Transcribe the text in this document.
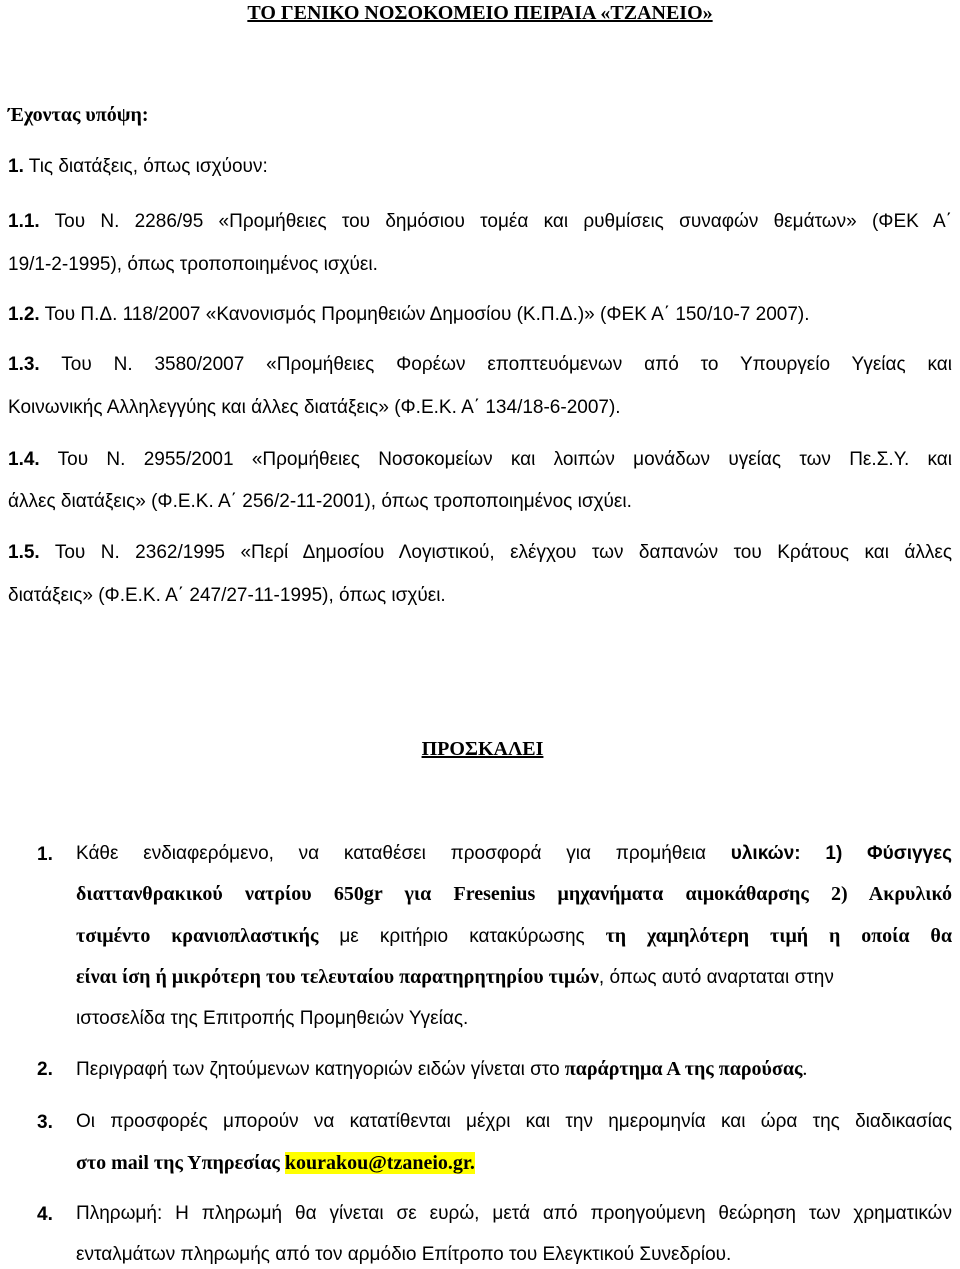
ΤΟ ΓΕΝΙΚΟ ΝΟΣΟΚΟΜΕΙΟ ΠΕΙΡΑΙΑ «ΤΖΑΝΕΙΟ»
Έχοντας υπόψη:
1. Τις διατάξεις, όπως ισχύουν:
1.1. Του Ν. 2286/95 «Προμήθειες του δημόσιου τομέα και ρυθμίσεις συναφών θεμάτων» (ΦΕΚ Α΄
19/1-2-1995), όπως τροποποιημένος ισχύει.
1.2. Του Π.Δ. 118/2007 «Κανονισμός Προμηθειών Δημοσίου (Κ.Π.Δ.)» (ΦΕΚ Α΄ 150/10-7 2007).
1.3. Του Ν. 3580/2007 «Προμήθειες Φορέων εποπτευόμενων από το Υπουργείο Υγείας και
Κοινωνικής Αλληλεγγύης και άλλες διατάξεις» (Φ.Ε.Κ. Α΄ 134/18-6-2007).
1.4. Του Ν. 2955/2001 «Προμήθειες Νοσοκομείων και λοιπών μονάδων υγείας των Πε.Σ.Υ. και
άλλες διατάξεις» (Φ.Ε.Κ. Α΄ 256/2-11-2001), όπως τροποποιημένος ισχύει.
1.5. Του Ν. 2362/1995 «Περί Δημοσίου Λογιστικού, ελέγχου των δαπανών του Κράτους και άλλες
διατάξεις» (Φ.Ε.Κ. Α΄ 247/27-11-1995), όπως ισχύει.
ΠΡΟΣΚΑΛΕΙ
1.	Κάθε ενδιαφερόμενο, να καταθέσει προσφορά για προμήθεια υλικών: 1) Φύσιγγες
διαττανθρακικού νατρίου 650gr για Fresenius μηχανήματα αιμοκάθαρσης 2) Ακρυλικό
τσιμέντο κρανιοπλαστικής με κριτήριο κατακύρωσης τη χαμηλότερη τιμή η οποία θα
είναι ίση ή μικρότερη του τελευταίου παρατηρητηρίου τιμών, όπως αυτό αναρταται στην
ιστοσελίδα της Επιτροπής Προμηθειών Υγείας.
2.	Περιγραφή των ζητούμενων κατηγοριών ειδών γίνεται στο παράρτημα Α της παρούσας.
3.	Οι προσφορές μπορούν να κατατίθενται μέχρι και την ημερομηνία και ώρα της διαδικασίας
στο mail της Υπηρεσίας kourakou@tzaneio.gr.
4.	Πληρωμή: Η πληρωμή θα γίνεται σε ευρώ, μετά από προηγούμενη θεώρηση των χρηματικών
ενταλμάτων πληρωμής από τον αρμόδιο Επίτροπο του Ελεγκτικού Συνεδρίου.
